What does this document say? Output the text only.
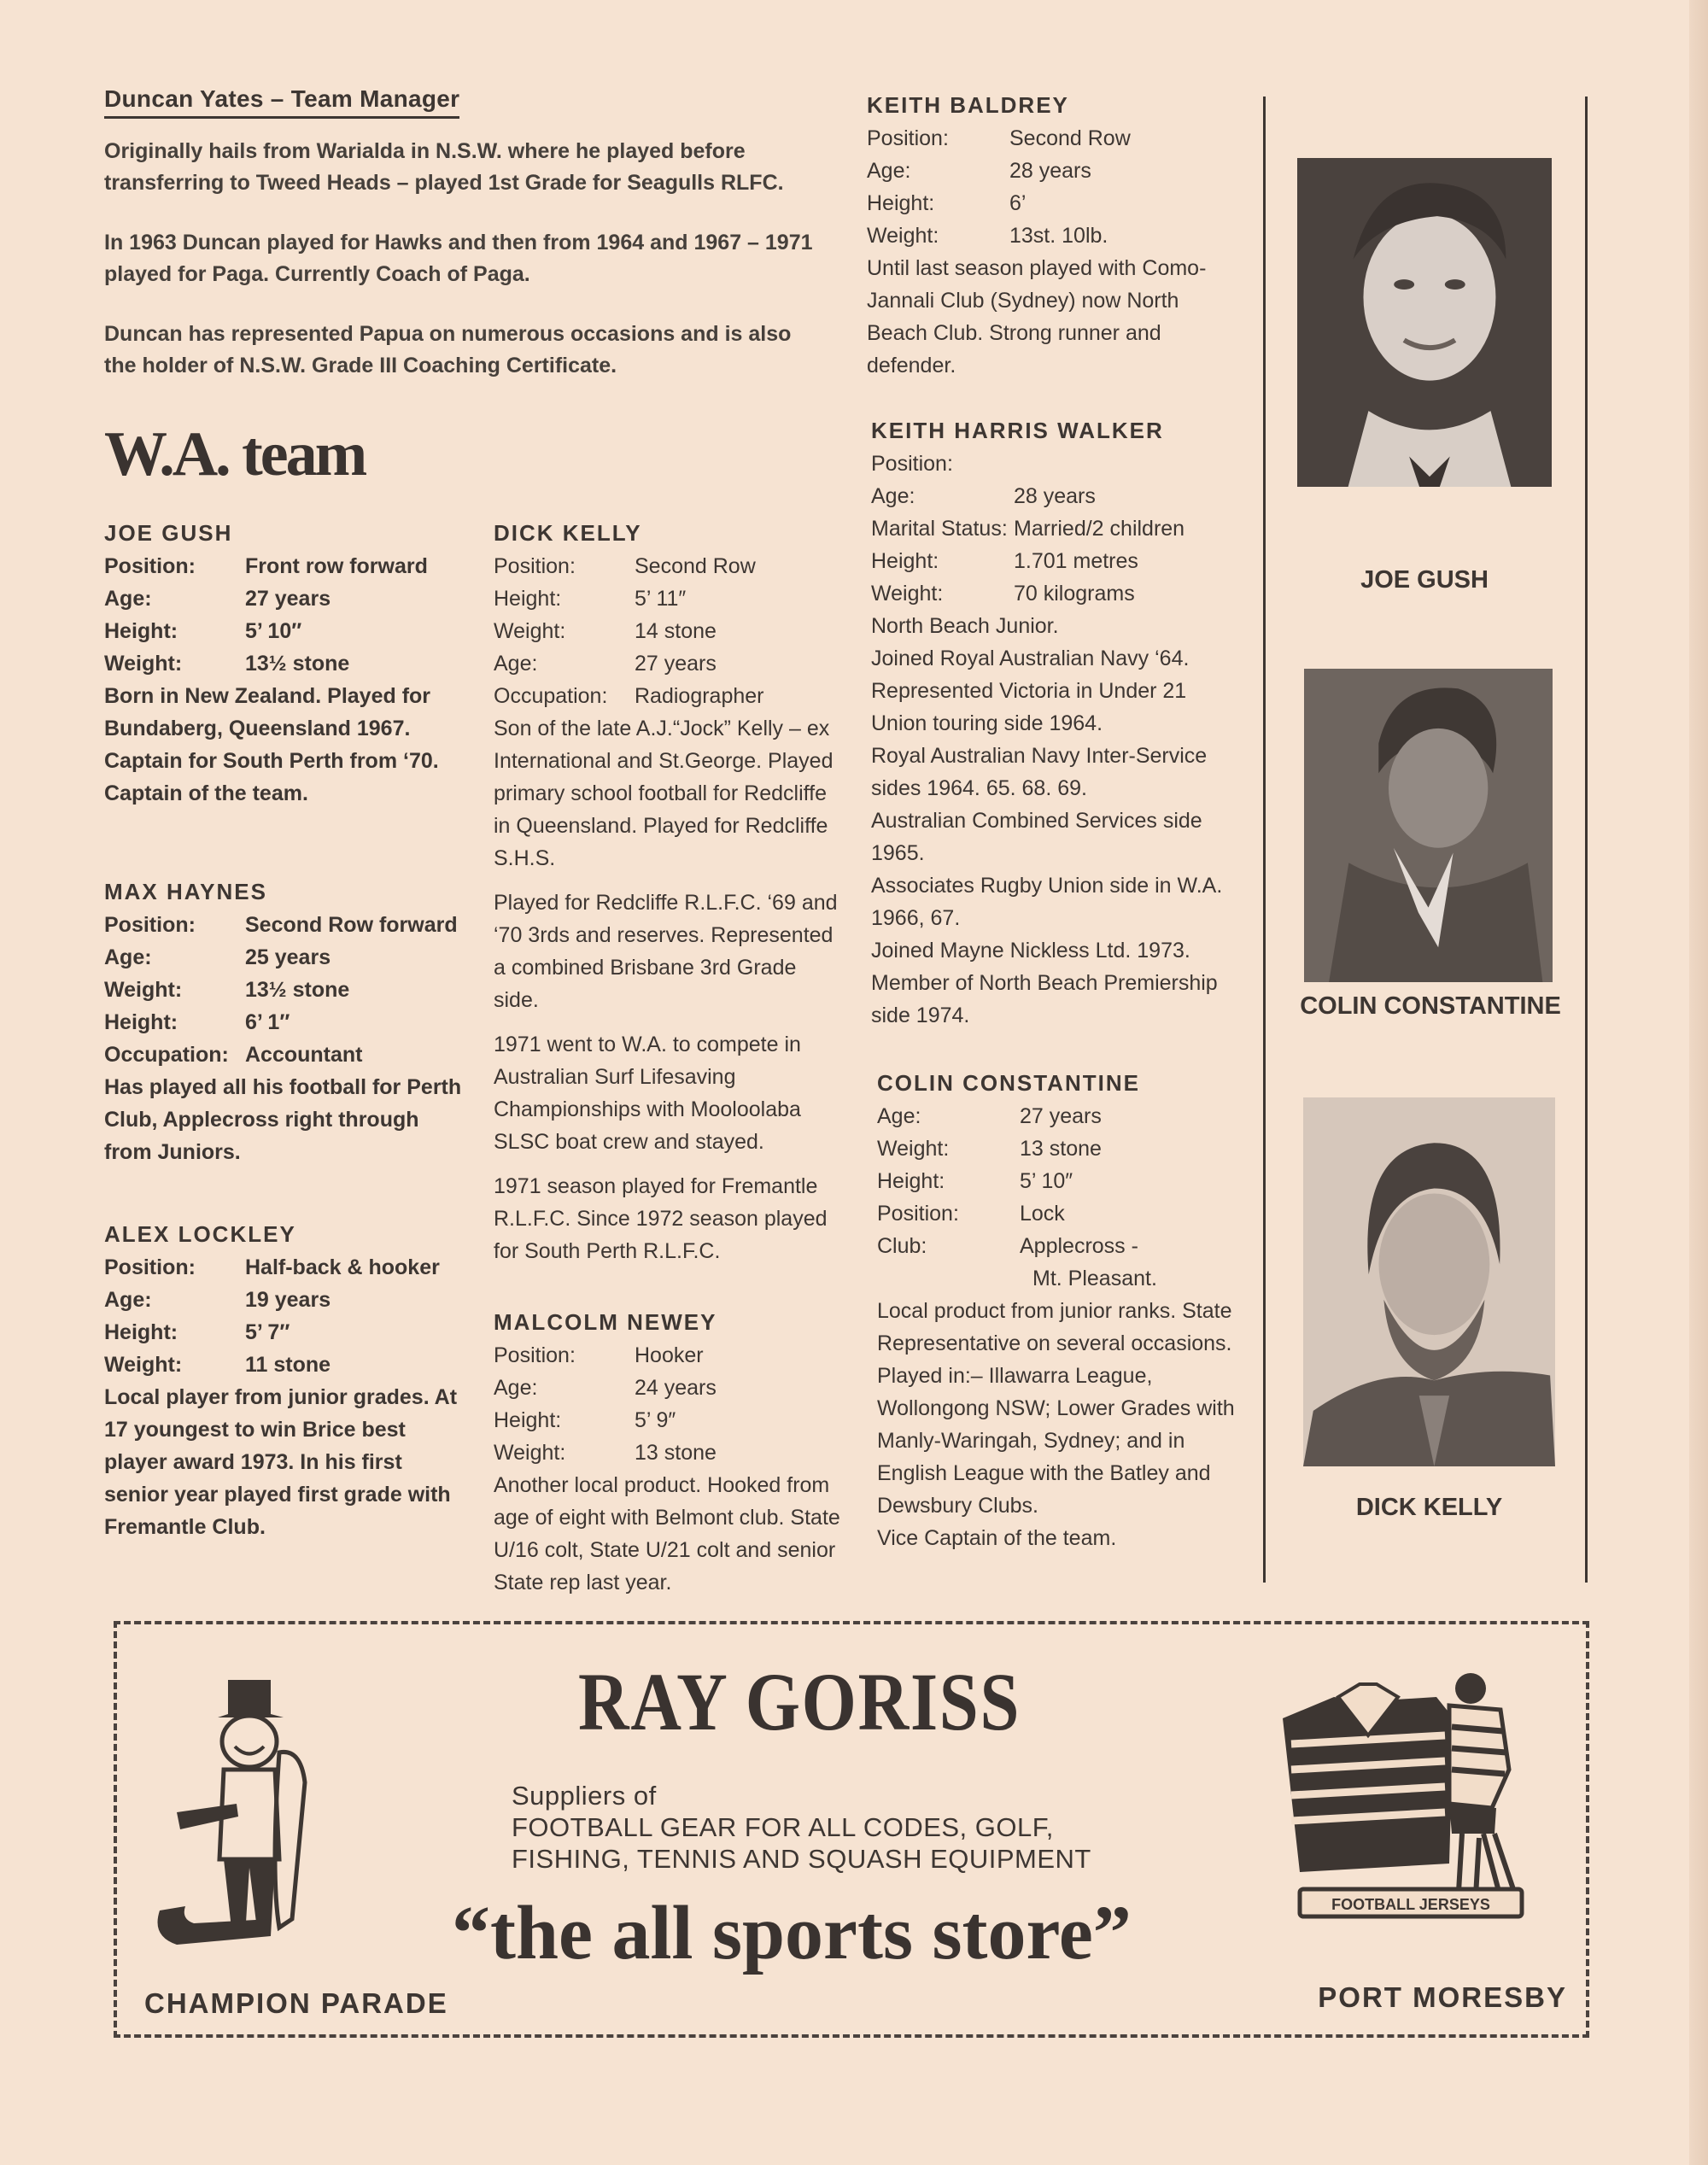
Duncan Yates – Team Manager

Originally hails from Warialda in N.S.W. where he played before transferring to Tweed Heads – played 1st Grade for Seagulls RLFC.

In 1963 Duncan played for Hawks and then from 1964 and 1967 – 1971 played for Paga. Currently Coach of Paga.

Duncan has represented Papua on numerous occasions and is also the holder of N.S.W. Grade III Coaching Certificate.

W.A. team
JOE GUSH
Position:	Front row forward
Age:	27 years
Height:	5’ 10″
Weight:	13½ stone

Born in New Zealand. Played for Bundaberg, Queensland 1967. Captain for South Perth from ‘70. Captain of the team.

MAX HAYNES
Position:	Second Row forward
Age:	25 years
Weight:	13½ stone
Height:	6’ 1″
Occupation: Accountant

Has played all his football for Perth Club, Applecross right through from Juniors.

ALEX LOCKLEY
Position:	Half-back & hooker
Age:	19 years
Height:	5’ 7″
Weight:	11 stone

Local player from junior grades. At 17 youngest to win Brice best player award 1973. In his first senior year played first grade with Fremantle Club.

DICK KELLY
Position:	Second Row
Height:	5’ 11″
Weight:	14 stone
Age:	27 years
Occupation:	Radiographer

Son of the late A.J.“Jock” Kelly – ex International and St.George. Played primary school football for Redcliffe in Queensland. Played for Redcliffe S.H.S.

Played for Redcliffe R.L.F.C. ‘69 and ‘70 3rds and reserves. Represented a combined Brisbane 3rd Grade side.

1971 went to W.A. to compete in Australian Surf Lifesaving Championships with Mooloolaba SLSC boat crew and stayed.

1971 season played for Fremantle R.L.F.C. Since 1972 season played for South Perth R.L.F.C.

MALCOLM NEWEY
Position:	Hooker
Age:	24 years
Height:	5’ 9″
Weight:	13 stone

Another local product. Hooked from age of eight with Belmont club. State U/16 colt, State U/21 colt and senior State rep last year.

KEITH BALDREY
Position:	Second Row
Age:	28 years
Height:	6’
Weight:	13st. 10lb.

Until last season played with Como-Jannali Club (Sydney) now North Beach Club. Strong runner and defender.

KEITH HARRIS WALKER
Position:
Age:	28 years
Marital Status: Married/2 children
Height:	1.701 metres
Weight:	70 kilograms
North Beach Junior.
Joined Royal Australian Navy ‘64.
Represented Victoria in Under 21 Union touring side 1964.
Royal Australian Navy Inter-Service sides 1964. 65. 68. 69.
Australian Combined Services side 1965.
Associates Rugby Union side in W.A. 1966, 67.
Joined Mayne Nickless Ltd. 1973.
Member of North Beach Premiership side 1974.
COLIN CONSTANTINE
Age:	27 years
Weight:	13 stone
Height:	5’ 10″
Position:	Lock
Club:	Applecross -
Mt. Pleasant.
Local product from junior ranks. State Representative on several occasions.
Played in:– Illawarra League, Wollongong NSW; Lower Grades with Manly-Waringah, Sydney; and in English League with the Batley and Dewsbury Clubs.
Vice Captain of the team.
JOE GUSH
COLIN CONSTANTINE
DICK KELLY
RAY GORISS
Suppliers of
FOOTBALL GEAR FOR ALL CODES, GOLF,
FISHING, TENNIS AND SQUASH EQUIPMENT
“the all sports store”
CHAMPION PARADE
FOOTBALL JERSEYS
PORT MORESBY
